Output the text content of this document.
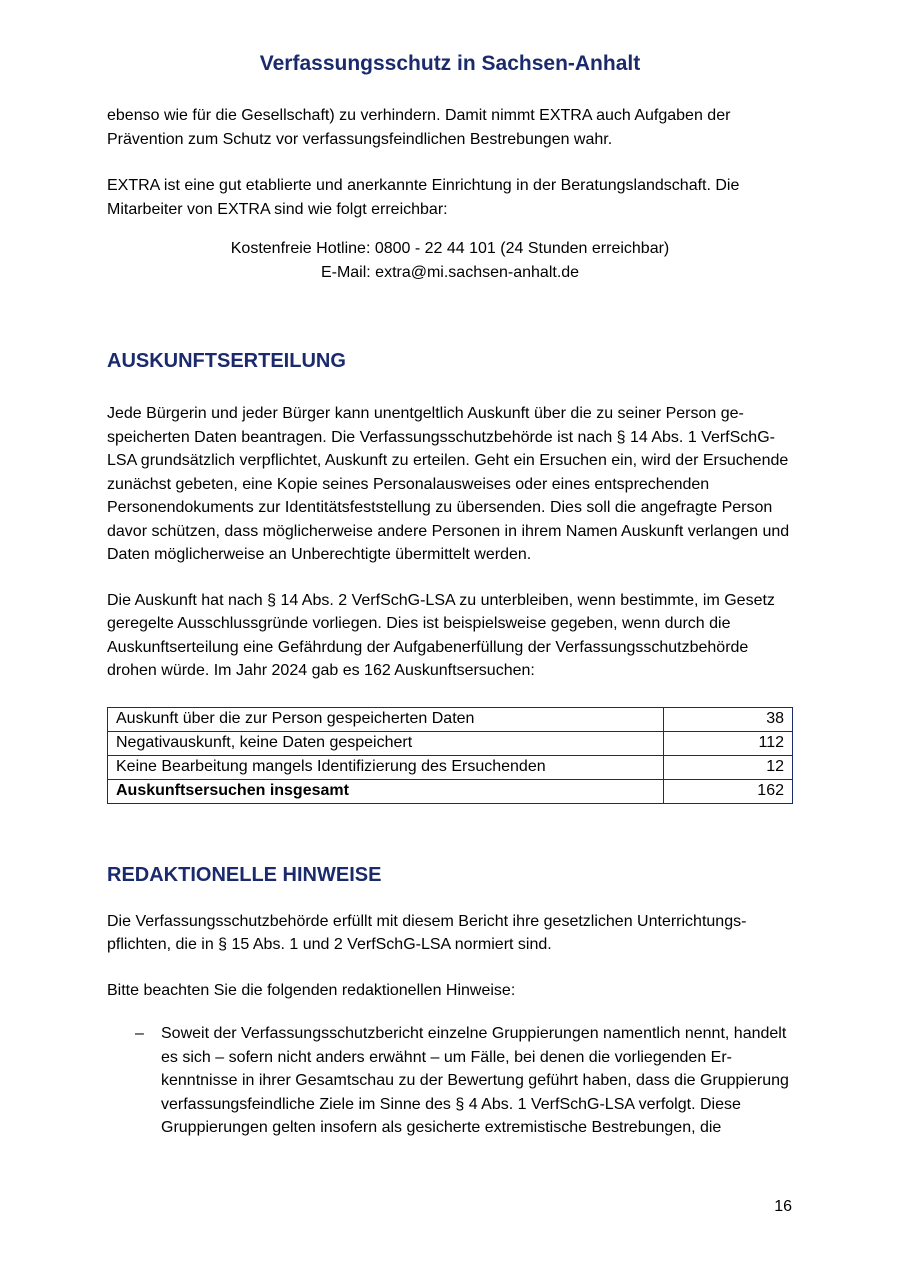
Verfassungsschutz in Sachsen-Anhalt

ebenso wie für die Gesellschaft) zu verhindern. Damit nimmt EXTRA auch Aufgaben der Prävention zum Schutz vor verfassungsfeindlichen Bestrebungen wahr.

EXTRA ist eine gut etablierte und anerkannte Einrichtung in der Beratungslandschaft. Die Mitarbeiter von EXTRA sind wie folgt erreichbar:

Kostenfreie Hotline: 0800 - 22 44 101 (24 Stunden erreichbar)
E-Mail: extra@mi.sachsen-anhalt.de
AUSKUNFTSERTEILUNG

Jede Bürgerin und jeder Bürger kann unentgeltlich Auskunft über die zu seiner Person gespeicherten Daten beantragen. Die Verfassungsschutzbehörde ist nach § 14 Abs. 1 VerfSchG-LSA grundsätzlich verpflichtet, Auskunft zu erteilen. Geht ein Ersuchen ein, wird der Ersuchende zunächst gebeten, eine Kopie seines Personalausweises oder eines entsprechenden Personendokuments zur Identitätsfeststellung zu übersenden. Dies soll die angefragte Person davor schützen, dass möglicherweise andere Personen in ihrem Namen Auskunft verlangen und Daten möglicherweise an Unberechtigte übermittelt werden.

Die Auskunft hat nach § 14 Abs. 2 VerfSchG-LSA zu unterbleiben, wenn bestimmte, im Gesetz geregelte Ausschlussgründe vorliegen. Dies ist beispielsweise gegeben, wenn durch die Auskunftserteilung eine Gefährdung der Aufgabenerfüllung der Verfassungsschutzbehörde drohen würde. Im Jahr 2024 gab es 162 Auskunftsersuchen:

Auskunft über die zur Person gespeicherten Daten	38
Negativauskunft, keine Daten gespeichert	112
Keine Bearbeitung mangels Identifizierung des Ersuchenden	12
Auskunftsersuchen insgesamt	162
REDAKTIONELLE HINWEISE

Die Verfassungsschutzbehörde erfüllt mit diesem Bericht ihre gesetzlichen Unterrichtungspflichten, die in § 15 Abs. 1 und 2 VerfSchG-LSA normiert sind.

Bitte beachten Sie die folgenden redaktionellen Hinweise:

– Soweit der Verfassungsschutzbericht einzelne Gruppierungen namentlich nennt, handelt es sich – sofern nicht anders erwähnt – um Fälle, bei denen die vorliegenden Erkenntnisse in ihrer Gesamtschau zu der Bewertung geführt haben, dass die Gruppierung verfassungsfeindliche Ziele im Sinne des § 4 Abs. 1 VerfSchG-LSA verfolgt. Diese Gruppierungen gelten insofern als gesicherte extremistische Bestrebungen, die
16
